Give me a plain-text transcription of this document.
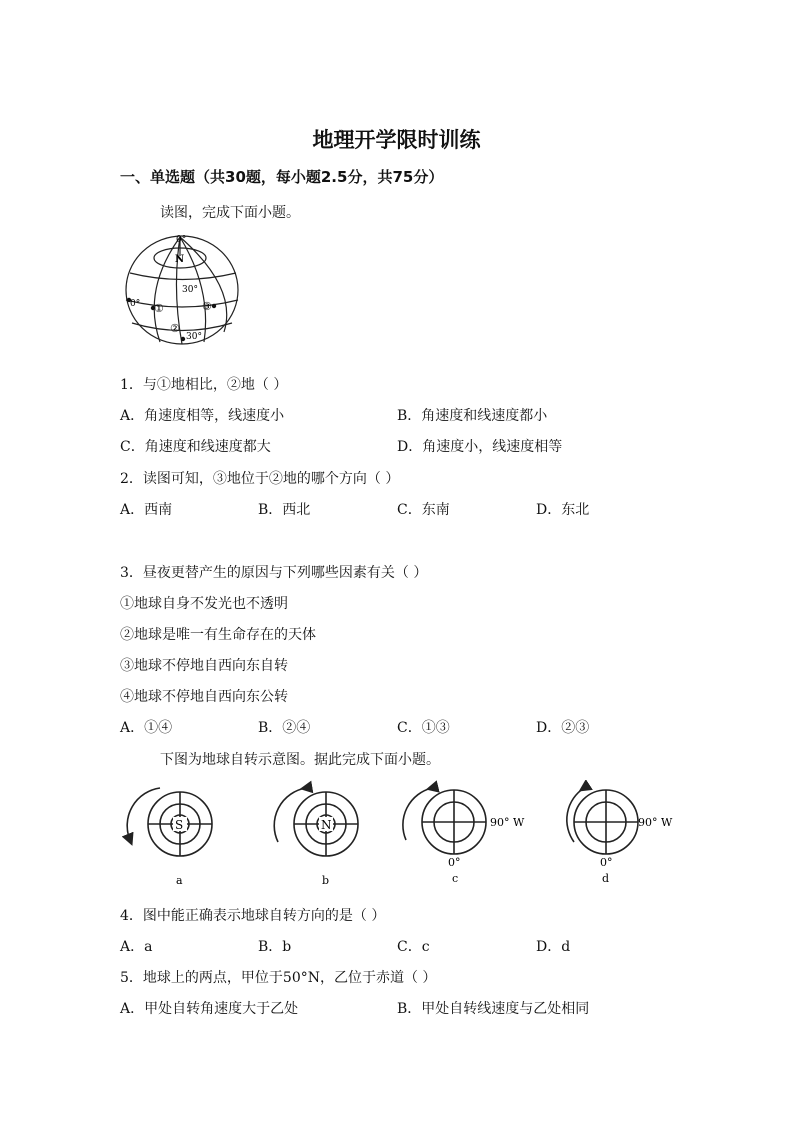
地理开学限时训练
一、单选题（共30题，每小题2.5分，共75分）
读图，完成下面小题。
0°
N
30°
0° ①
②
③
30°
1．与①地相比，②地（ ）
A．角速度相等，线速度小	B．角速度和线速度都小
C．角速度和线速度都大	D．角速度小，线速度相等
2．读图可知，③地位于②地的哪个方向（ ）
A．西南	B．西北	C．东南	D．东北
3．昼夜更替产生的原因与下列哪些因素有关（ ）
①地球自身不发光也不透明
②地球是唯一有生命存在的天体
③地球不停地自西向东自转
④地球不停地自西向东公转
A．①④	B．②④	C．①③	D．②③
下图为地球自转示意图。据此完成下面小题。
S
a
N
b
90° W
0°
c
90° W
0°
d
4．图中能正确表示地球自转方向的是（ ）
A．a	B．b	C．c	D．d
5．地球上的两点，甲位于50°N，乙位于赤道（ ）
A．甲处自转角速度大于乙处	B．甲处自转线速度与乙处相同
